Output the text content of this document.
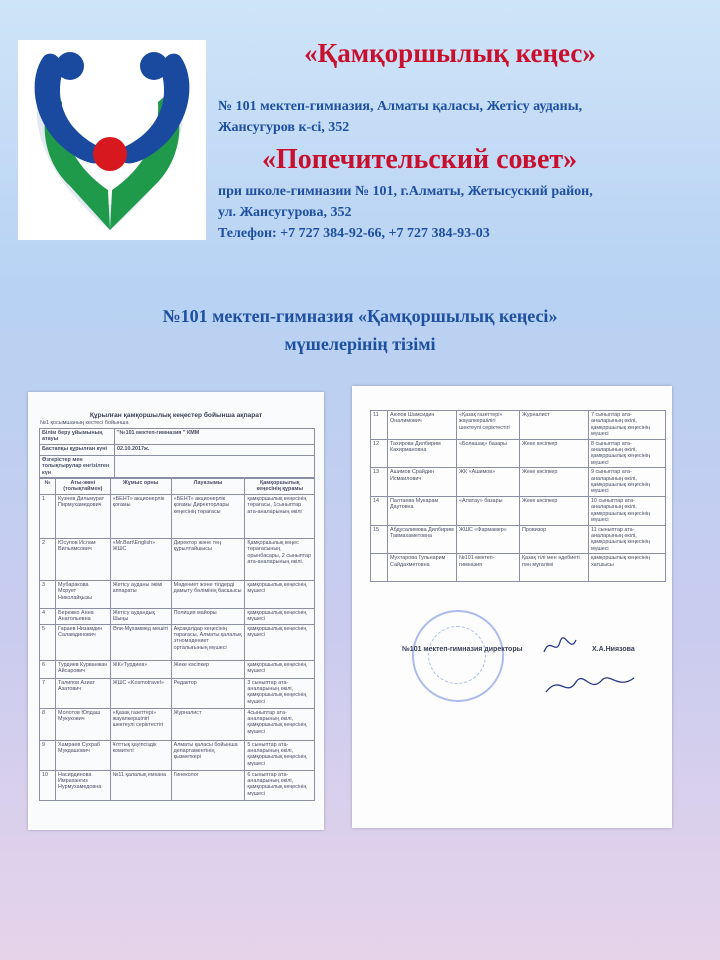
«Қамқоршылық кеңес»
№ 101 мектеп-гимназия, Алматы қаласы, Жетісу ауданы,
Жансугуров к-сі, 352
«Попечительский совет»
при школе-гимназии № 101, г.Алматы, Жетысуский район,
ул. Жансугурова, 352
Телефон: +7 727 384-92-66, +7 727 384-93-03
№101 мектеп-гимназия «Қамқоршылық кеңесі»
мүшелерінің тізімі
Құрылған қамқоршылық кеңестер бойынша ақпарат
№1 қосымшаның кестесі бойынша
Білім беру ұйымының атауы	"№101 мектеп-гимназия " КММ
Бастапқы құрылған күні	02.10.2017ж.
Өзгерістер мен толықтырулар енгізілген күн	
№	Аты-жөні (толықтаймен)	Жұмыс орны	Лауазымы	Қамқоршылық кеңесінің құрамы
1	Кузнев Дильмурат Пирмухамедович	«БЕНТ» акционерлік қоғамы	«БЕНТ» акционерлік қоғамы Директорлары кеңесінің төрағасы	қамқоршылық кеңесінің төрағасы, 1сыныптар ата-аналарының өкілі
2	Юсупов Ислам Вильямсович	«Mr.Bart\English» ЖШС	Директор және тең құрылтайшысы	Қамқоршылық кеңес төрағасының орынбасары, 2 сыныптар ата-аналарының өкілі.
3	Мубаракова Мсрует Николайқызы	Жетісу ауданы әкімі аппараты	Мәдениет және тілдерді дамыту бөлімінің басшысы	қамқоршылық кеңесінің мүшесі
4	Бережко Анна Анатольевна	Жетісу аудандық Шыңы	Полиция майоры	қамқоршылық кеңесінің мүшесі
5	Гараев Низамдин Саламдинович	Әли-Мұхаммед мешіті	Ақсақалдар кеңесінің төрағасы, Алматы қалалық этномәдениет орталығының мүшесі	қамқоршылық кеңесінің мүшесі
6	Турдиев Курванжан Айсарович	ЖК«Турдиев»	Жеке кәсіпкер	қамқоршылық кеңесінің мүшесі
7	Талипов Азиат Азатович	ЖШС «Kosmotravel»	Редактор	3 сыныптар ата-аналарының өкілі, қамқоршылық кеңесінің мүшесі
8	Молотов Юлдаш Мукукович	«Қазақ газеттері» жауапкершілігі шектеулі серіктестігі	Журналист	4сыныптар ата-аналарының өкілі, қамқоршылық кеңесінің мүшесі
9	Хамраев Сухраб Мукдашович	Ұлттық қауіпсіздік комитеті	Алматы қаласы бойынша департаментінің қызметкері	5 сыныптар ата-аналарының өкілі, қамқоршылық кеңесінің мүшесі
10	Насирдинова Имрахангиз Нурмухамедовна	№11 қалалық емхана	Гинеколог	6 сыныптар ата-аналарының өкілі, қамқоршылық кеңесінің мүшесі
11	Аюпов Шамсидин Оналимович	«Қазақ газеттері» жауапкершілігі шектеулі серіктестігі	Журналист	7 сыныптар ата-аналарының өкілі, қамқоршылық кеңесінің мүшесі
12	Тахирова Дилбирим Кахирмановна	«Болашақ» базары	Жеке кәсіпкер	8 сыныптар ата-аналарының өкілі, қамқоршылық кеңесінің мүшесі
13	Ашимов Срайдин Исмаилович	ЖК «Ашимов»	Жеке кәсіпкер	9 сыныптар ата-аналарының өкілі, қамқоршылық кеңесінің мүшесі
14	Палтаева Мукарам Даутовна	«Алатау» базары	Жеке кәсіпкер	10 сыныптар ата-аналарының өкілі, қамқоршылық кеңесінің мүшесі
15	Абдусалимова Дилбирим Тавмахаметовна	ЖШС «Фармамер»	Провизор	11 сыныптар ата-аналарының өкілі, қамқоршылық кеңесінің мүшесі
	Мухтарова Гульнарим Сайдахметовна	№101 мектеп-гимназия	Қазақ тілі мен әдебиеті пән мұғалімі	қамқоршылық кеңесінің хатшысы
№101 мектеп-гимназия директоры	Х.А.Ниязова
